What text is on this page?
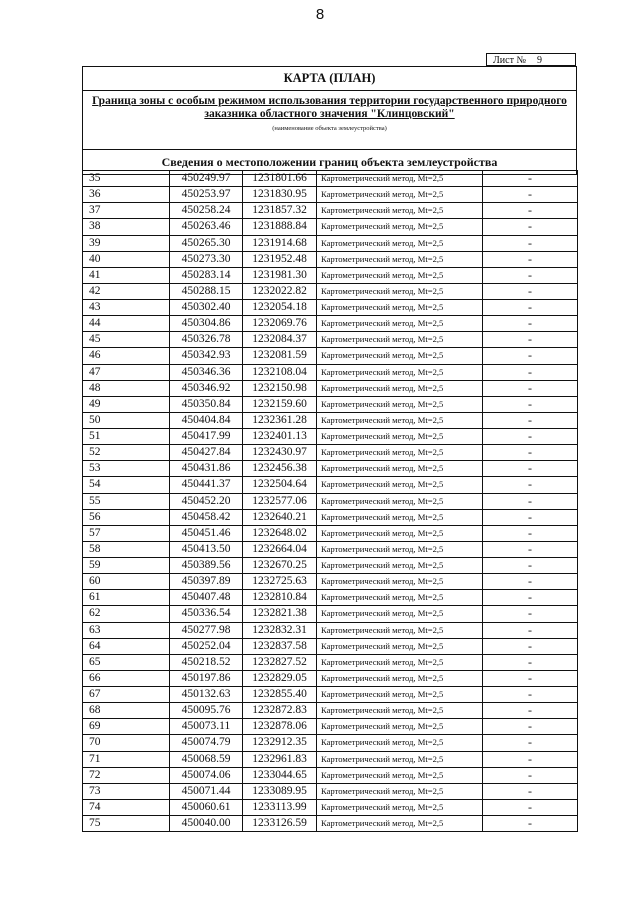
8
Лист № 9
КАРТА (ПЛАН)
Граница зоны с особым режимом использования территории государственного природного заказника областного значения "Клинцовский"
(наименование объекта землеустройства)
Сведения о местоположении границ объекта землеустройства
35	450249.97	1231801.66	Картометрический метод, Mt=2,5	-
36	450253.97	1231830.95	Картометрический метод, Mt=2,5	-
37	450258.24	1231857.32	Картометрический метод, Mt=2,5	-
38	450263.46	1231888.84	Картометрический метод, Mt=2,5	-
39	450265.30	1231914.68	Картометрический метод, Mt=2,5	-
40	450273.30	1231952.48	Картометрический метод, Mt=2,5	-
41	450283.14	1231981.30	Картометрический метод, Mt=2,5	-
42	450288.15	1232022.82	Картометрический метод, Mt=2,5	-
43	450302.40	1232054.18	Картометрический метод, Mt=2,5	-
44	450304.86	1232069.76	Картометрический метод, Mt=2,5	-
45	450326.78	1232084.37	Картометрический метод, Mt=2,5	-
46	450342.93	1232081.59	Картометрический метод, Mt=2,5	-
47	450346.36	1232108.04	Картометрический метод, Mt=2,5	-
48	450346.92	1232150.98	Картометрический метод, Mt=2,5	-
49	450350.84	1232159.60	Картометрический метод, Mt=2,5	-
50	450404.84	1232361.28	Картометрический метод, Mt=2,5	-
51	450417.99	1232401.13	Картометрический метод, Mt=2,5	-
52	450427.84	1232430.97	Картометрический метод, Mt=2,5	-
53	450431.86	1232456.38	Картометрический метод, Mt=2,5	-
54	450441.37	1232504.64	Картометрический метод, Mt=2,5	-
55	450452.20	1232577.06	Картометрический метод, Mt=2,5	-
56	450458.42	1232640.21	Картометрический метод, Mt=2,5	-
57	450451.46	1232648.02	Картометрический метод, Mt=2,5	-
58	450413.50	1232664.04	Картометрический метод, Mt=2,5	-
59	450389.56	1232670.25	Картометрический метод, Mt=2,5	-
60	450397.89	1232725.63	Картометрический метод, Mt=2,5	-
61	450407.48	1232810.84	Картометрический метод, Mt=2,5	-
62	450336.54	1232821.38	Картометрический метод, Mt=2,5	-
63	450277.98	1232832.31	Картометрический метод, Mt=2,5	-
64	450252.04	1232837.58	Картометрический метод, Mt=2,5	-
65	450218.52	1232827.52	Картометрический метод, Mt=2,5	-
66	450197.86	1232829.05	Картометрический метод, Mt=2,5	-
67	450132.63	1232855.40	Картометрический метод, Mt=2,5	-
68	450095.76	1232872.83	Картометрический метод, Mt=2,5	-
69	450073.11	1232878.06	Картометрический метод, Mt=2,5	-
70	450074.79	1232912.35	Картометрический метод, Mt=2,5	-
71	450068.59	1232961.83	Картометрический метод, Mt=2,5	-
72	450074.06	1233044.65	Картометрический метод, Mt=2,5	-
73	450071.44	1233089.95	Картометрический метод, Mt=2,5	-
74	450060.61	1233113.99	Картометрический метод, Mt=2,5	-
75	450040.00	1233126.59	Картометрический метод, Mt=2,5	-
